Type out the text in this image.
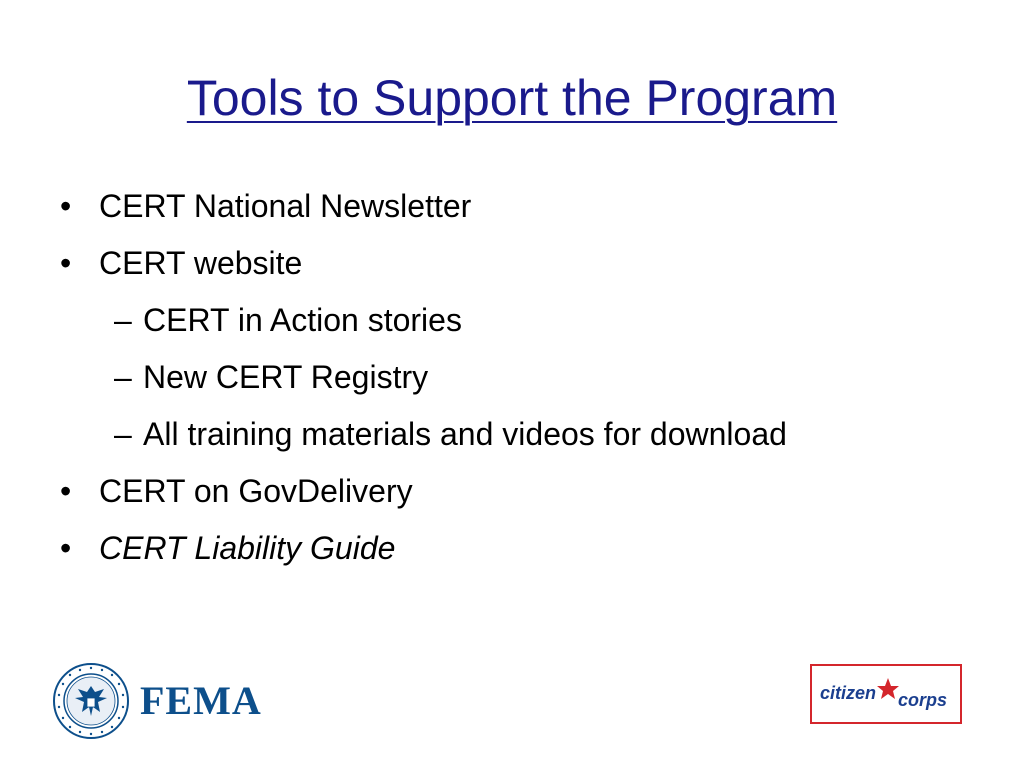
Tools to Support the Program
• CERT National Newsletter
• CERT website
– CERT in Action stories
– New CERT Registry
– All training materials and videos for download
• CERT on GovDelivery
• CERT Liability Guide
FEMA	citizen corps
